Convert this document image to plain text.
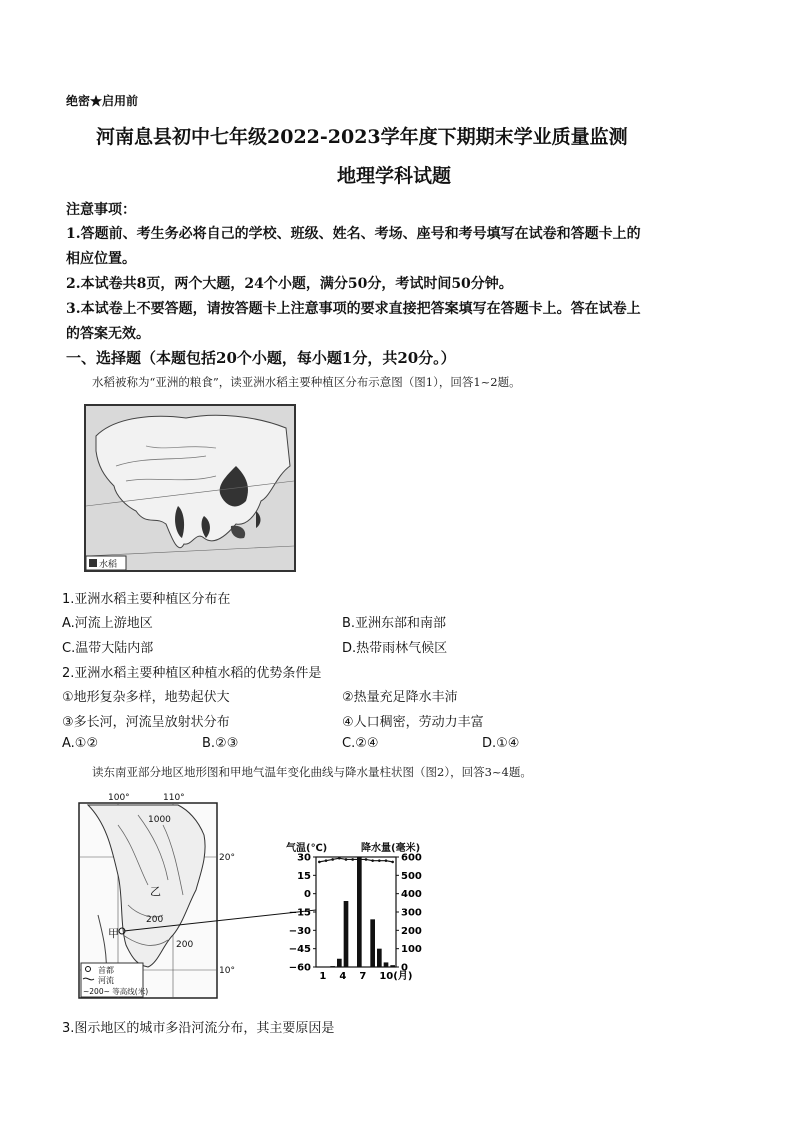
绝密★启用前
河南息县初中七年级2022-2023学年度下期期末学业质量监测
地理学科试题
注意事项：
1.答题前、考生务必将自己的学校、班级、姓名、考场、座号和考号填写在试卷和答题卡上的
相应位置。
2.本试卷共8页，两个大题，24个小题，满分50分，考试时间50分钟。
3.本试卷上不要答题，请按答题卡上注意事项的要求直接把答案填写在答题卡上。答在试卷上
的答案无效。
一、选择题（本题包括20个小题，每小题1分，共20分。）
水稻被称为“亚洲的粮食”，读亚洲水稻主要种植区分布示意图（图1），回答1~2题。
水稻
1.亚洲水稻主要种植区分布在
A.河流上游地区	B.亚洲东部和南部
C.温带大陆内部	D.热带雨林气候区
2.亚洲水稻主要种植区种植水稻的优势条件是
①地形复杂多样，地势起伏大	②热量充足降水丰沛
③多长河，河流呈放射状分布	④人口稠密，劳动力丰富
A.①②	B.②③	C.②④	D.①④
读东南亚部分地区地形图和甲地气温年变化曲线与降水量柱状图（图2），回答3~4题。
100°	110°
20°
10°
1000
200
200
乙
甲
首都
河流
~200~ 等高线(米)
30
15
0
−15
−30
−45
−60
600
500
400
300
200
100
0
1 4 7 10(月)
气温(℃)	降水量(毫米)
3.图示地区的城市多沿河流分布，其主要原因是
